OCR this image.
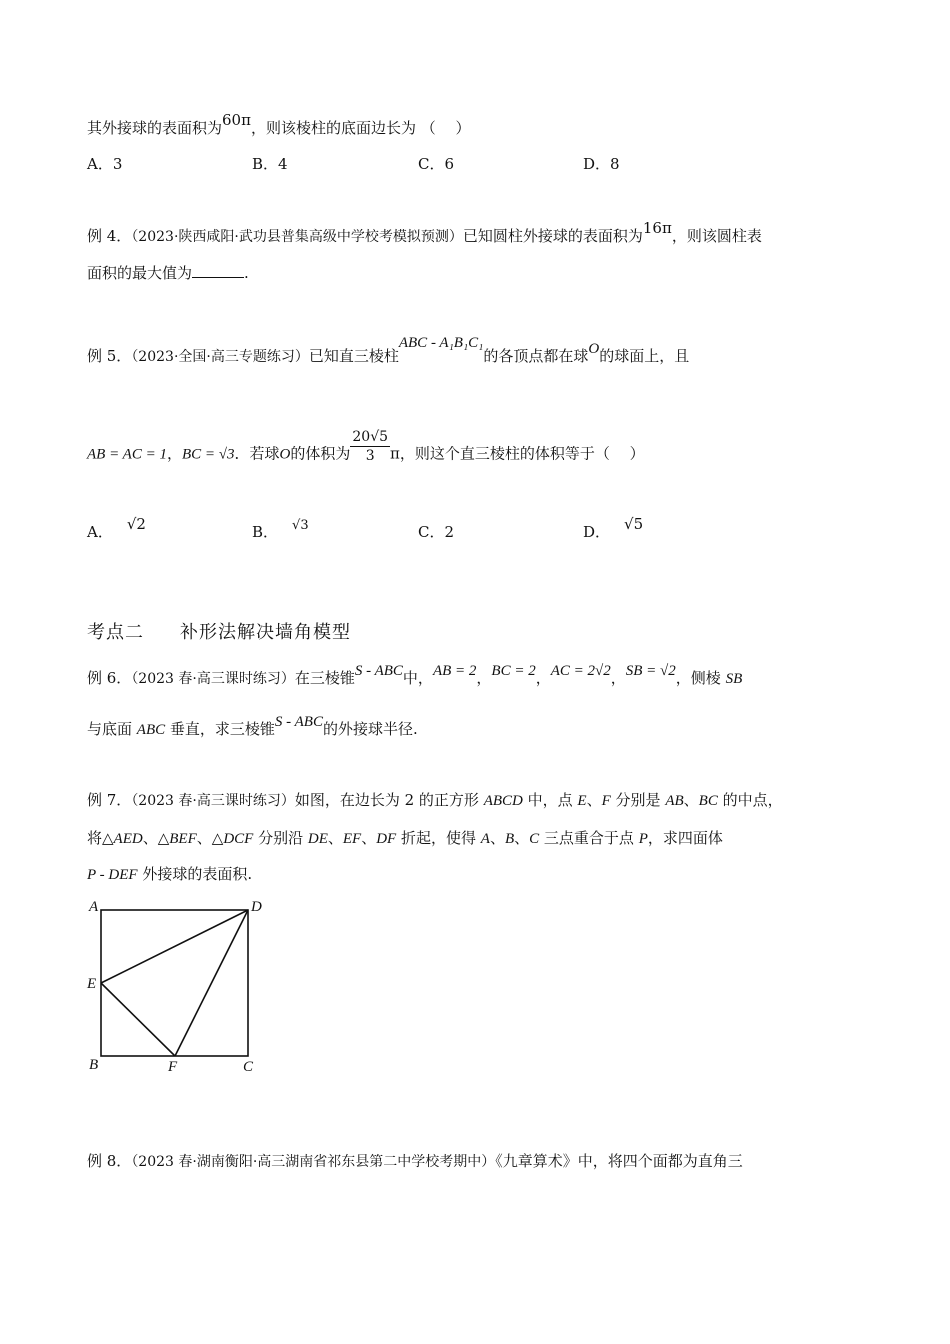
其外接球的表面积为60π，则该棱柱的底面边长为 （　 ）
A．3	B．4	C．6	D．8
例 4．（2023·陕西咸阳·武功县普集高级中学校考模拟预测）已知圆柱外接球的表面积为16π，则该圆柱表
面积的最大值为	.
例 5．（2023·全国·高三专题练习）已知直三棱柱ABC - A₁B₁C₁的各顶点都在球O的球面上，且
AB = AC = 1，BC = √3．若球O的体积为 $\frac{20√5}{3}$ π，则这个直三棱柱的体积等于（　 ）
A． √2	B． √3	C．2	D． √5
考点二 补形法解决墙角模型
例 6．（2023 春·高三课时练习）在三棱锥S - ABC中，AB = 2，BC = 2，AC = 2√2，SB = √2，侧棱 SB
与底面 ABC 垂直，求三棱锥S - ABC的外接球半径.
例 7．（2023 春·高三课时练习）如图，在边长为 2 的正方形 ABCD 中，点 E、F 分别是 AB、BC 的中点，
将△AED、△BEF、△DCF 分别沿 DE、EF、DF 折起，使得 A、B、C 三点重合于点 P，求四面体
P - DEF 外接球的表面积.
A	D
E
B	F	C
例 8．（2023 春·湖南衡阳·高三湖南省祁东县第二中学校考期中）《九章算术》中，将四个面都为直角三
